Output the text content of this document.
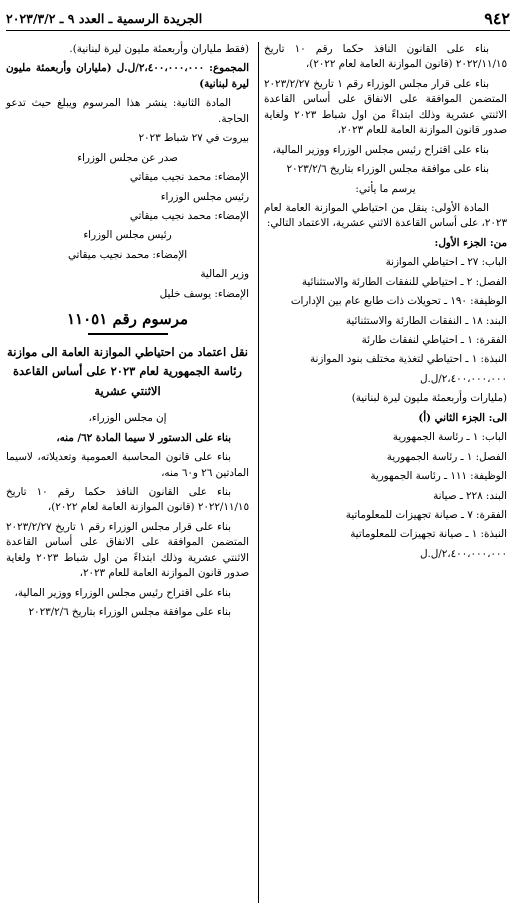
٩٤٢
الجريدة الرسمية ـ العدد ٩ ـ ٢٠٢٣/٣/٢

بناء على القانون النافذ حكما رقم ١٠ تاريخ ٢٠٢٢/١١/١٥ (قانون الموازنة العامة لعام ٢٠٢٢)،

بناء على قرار مجلس الوزراء رقم ١ تاريخ ٢٠٢٣/٢/٢٧ المتضمن الموافقة على الانفاق على أساس القاعدة الاثنتي عشرية وذلك ابتداءً من اول شباط ٢٠٢٣ ولغاية صدور قانون الموازنة العامة للعام ٢٠٢٣،

بناء على اقتراح رئيس مجلس الوزراء ووزير المالية،

بناء على موافقة مجلس الوزراء بتاريخ ٢٠٢٣/٢/٦

يرسم ما يأتي:

المادة الأولى: ينقل من احتياطي الموازنة العامة لعام ٢٠٢٣، على أساس القاعدة الاثني عشرية، الاعتماد التالي:

من: الجزء الأول:

الباب: ٢٧ ـ احتياطي الموازنة

الفصل: ٢ ـ احتياطي للنفقات الطارئة والاستثنائية

الوظيفة: ١٩٠ ـ تحويلات ذات طابع عام بين الإدارات

البند: ١٨ ـ النفقات الطارئة والاستثنائية

الفقرة: ١ ـ احتياطي لنفقات طارئة

النبذة: ١ ـ احتياطي لتغذية مختلف بنود الموازنة

٢،٤٠٠،٠٠٠،٠٠٠/ل.ل

(مليارات وأربعمئة مليون ليرة لبنانية)

الى: الجزء الثاني (أ)

الباب: ١ ـ رئاسة الجمهورية

الفصل: ١ ـ رئاسة الجمهورية

الوظيفة: ١١١ ـ رئاسة الجمهورية

البند: ٢٢٨ ـ صيانة

الفقرة: ٧ ـ صيانة تجهيزات للمعلوماتية

النبذة: ١ ـ صيانة تجهيزات للمعلوماتية

٢،٤٠٠،٠٠٠،٠٠٠/ل.ل

(فقط ملياران وأربعمئة مليون ليرة لبنانية).

المجموع: ٢،٤٠٠،٠٠٠،٠٠٠/ل.ل (ملياران وأربعمئة مليون ليرة لبنانية)

المادة الثانية: ينشر هذا المرسوم ويبلغ حيث تدعو الحاجة.

بيروت في ٢٧ شباط ٢٠٢٣

صدر عن مجلس الوزراء

الإمضاء: محمد نجيب ميقاتي

رئيس مجلس الوزراء

الإمضاء: محمد نجيب ميقاتي

رئيس مجلس الوزراء

الإمضاء: محمد نجيب ميقاتي

وزير المالية

الإمضاء: يوسف خليل

مرسوم رقم ١١٠٥١
نقل اعتماد من احتياطي الموازنة العامة الى موازنة رئاسة الجمهورية لعام ٢٠٢٣ على أساس القاعدة الاثنتي عشرية

إن مجلس الوزراء،

بناء على الدستور لا سيما المادة ٦٢/ منه،

بناء على قانون المحاسبة العمومية وتعديلاته، لاسيما المادتين ٢٦ و٦٠ منه،

بناء على القانون النافذ حكما رقم ١٠ تاريخ ٢٠٢٢/١١/١٥ (قانون الموازنة العامة لعام ٢٠٢٢)،

بناء على قرار مجلس الوزراء رقم ١ تاريخ ٢٠٢٣/٢/٢٧ المتضمن الموافقة على الانفاق على أساس القاعدة الاثنتي عشرية وذلك ابتداءً من اول شباط ٢٠٢٣ ولغاية صدور قانون الموازنة العامة للعام ٢٠٢٣،

بناء على اقتراح رئيس مجلس الوزراء ووزير المالية،

بناء على موافقة مجلس الوزراء بتاريخ ٢٠٢٣/٢/٦
